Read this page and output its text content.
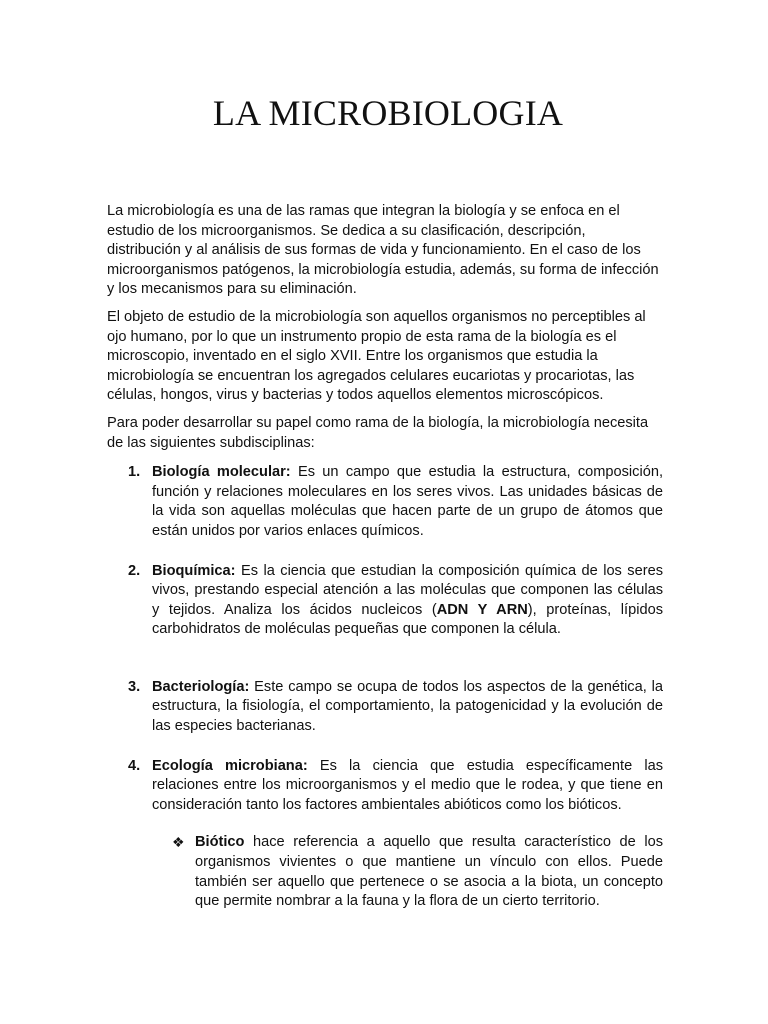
LA MICROBIOLOGIA

La microbiología es una de las ramas que integran la biología y se enfoca en el estudio de los microorganismos. Se dedica a su clasificación, descripción, distribución y al análisis de sus formas de vida y funcionamiento. En el caso de los microorganismos patógenos, la microbiología estudia, además, su forma de infección y los mecanismos para su eliminación.

El objeto de estudio de la microbiología son aquellos organismos no perceptibles al ojo humano, por lo que un instrumento propio de esta rama de la biología es el microscopio, inventado en el siglo XVII. Entre los organismos que estudia la microbiología se encuentran los agregados celulares eucariotas y procariotas, las células, hongos, virus y bacterias y todos aquellos elementos microscópicos.

Para poder desarrollar su papel como rama de la biología, la microbiología necesita de las siguientes subdisciplinas:

1. Biología molecular: Es un campo que estudia la estructura, composición, función y relaciones moleculares en los seres vivos. Las unidades básicas de la vida son aquellas moléculas que hacen parte de un grupo de átomos que están unidos por varios enlaces químicos.
2. Bioquímica: Es la ciencia que estudian la composición química de los seres vivos, prestando especial atención a las moléculas que componen las células y tejidos. Analiza los ácidos nucleicos (ADN Y ARN), proteínas, lípidos carbohidratos de moléculas pequeñas que componen la célula.
3. Bacteriología: Este campo se ocupa de todos los aspectos de la genética, la estructura, la fisiología, el comportamiento, la patogenicidad y la evolución de las especies bacterianas.
4. Ecología microbiana: Es la ciencia que estudia específicamente las relaciones entre los microorganismos y el medio que le rodea, y que tiene en consideración tanto los factores ambientales abióticos como los bióticos.
❖ Biótico hace referencia a aquello que resulta característico de los organismos vivientes o que mantiene un vínculo con ellos. Puede también ser aquello que pertenece o se asocia a la biota, un concepto que permite nombrar a la fauna y la flora de un cierto territorio.
